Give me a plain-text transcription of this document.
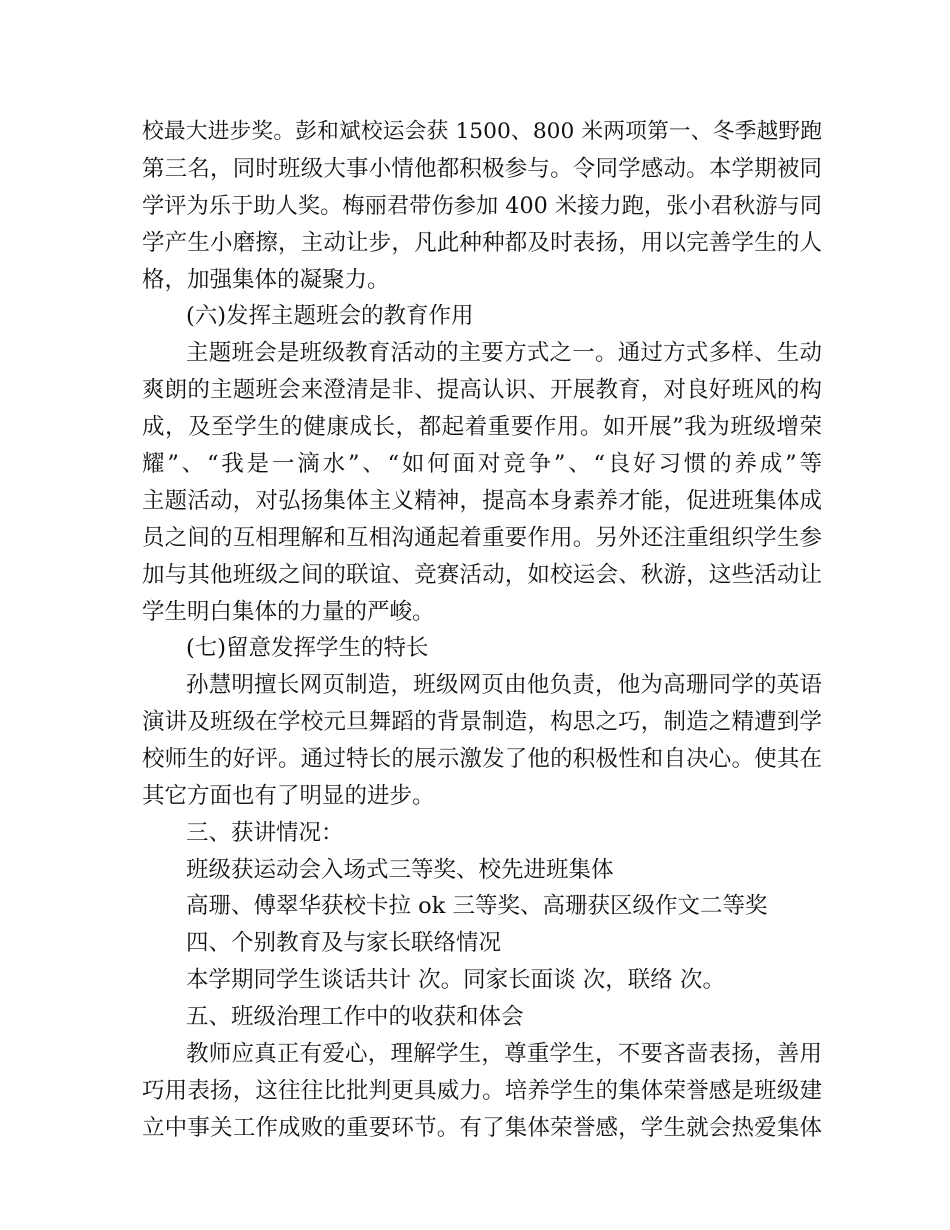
校最大进步奖。彭和斌校运会获 1500、800 米两项第一、冬季越野跑
第三名，同时班级大事小情他都积极参与。令同学感动。本学期被同
学评为乐于助人奖。梅丽君带伤参加 400 米接力跑，张小君秋游与同
学产生小磨擦，主动让步，凡此种种都及时表扬，用以完善学生的人
格，加强集体的凝聚力。
(六)发挥主题班会的教育作用
主题班会是班级教育活动的主要方式之一。通过方式多样、生动
爽朗的主题班会来澄清是非、提高认识、开展教育，对良好班风的构
成，及至学生的健康成长，都起着重要作用。如开展”我为班级增荣
耀”、“我是一滴水”、“如何面对竞争”、“良好习惯的养成”等
主题活动，对弘扬集体主义精神，提高本身素养才能，促进班集体成
员之间的互相理解和互相沟通起着重要作用。另外还注重组织学生参
加与其他班级之间的联谊、竞赛活动，如校运会、秋游，这些活动让
学生明白集体的力量的严峻。
(七)留意发挥学生的特长
孙慧明擅长网页制造，班级网页由他负责，他为高珊同学的英语
演讲及班级在学校元旦舞蹈的背景制造，构思之巧，制造之精遭到学
校师生的好评。通过特长的展示激发了他的积极性和自决心。使其在
其它方面也有了明显的进步。
三、获讲情况：
班级获运动会入场式三等奖、校先进班集体
高珊、傅翠华获校卡拉 ok 三等奖、高珊获区级作文二等奖
四、个别教育及与家长联络情况
本学期同学生谈话共计 次。同家长面谈 次，联络 次。
五、班级治理工作中的收获和体会
教师应真正有爱心，理解学生，尊重学生，不要吝啬表扬，善用
巧用表扬，这往往比批判更具威力。培养学生的集体荣誉感是班级建
立中事关工作成败的重要环节。有了集体荣誉感，学生就会热爱集体
